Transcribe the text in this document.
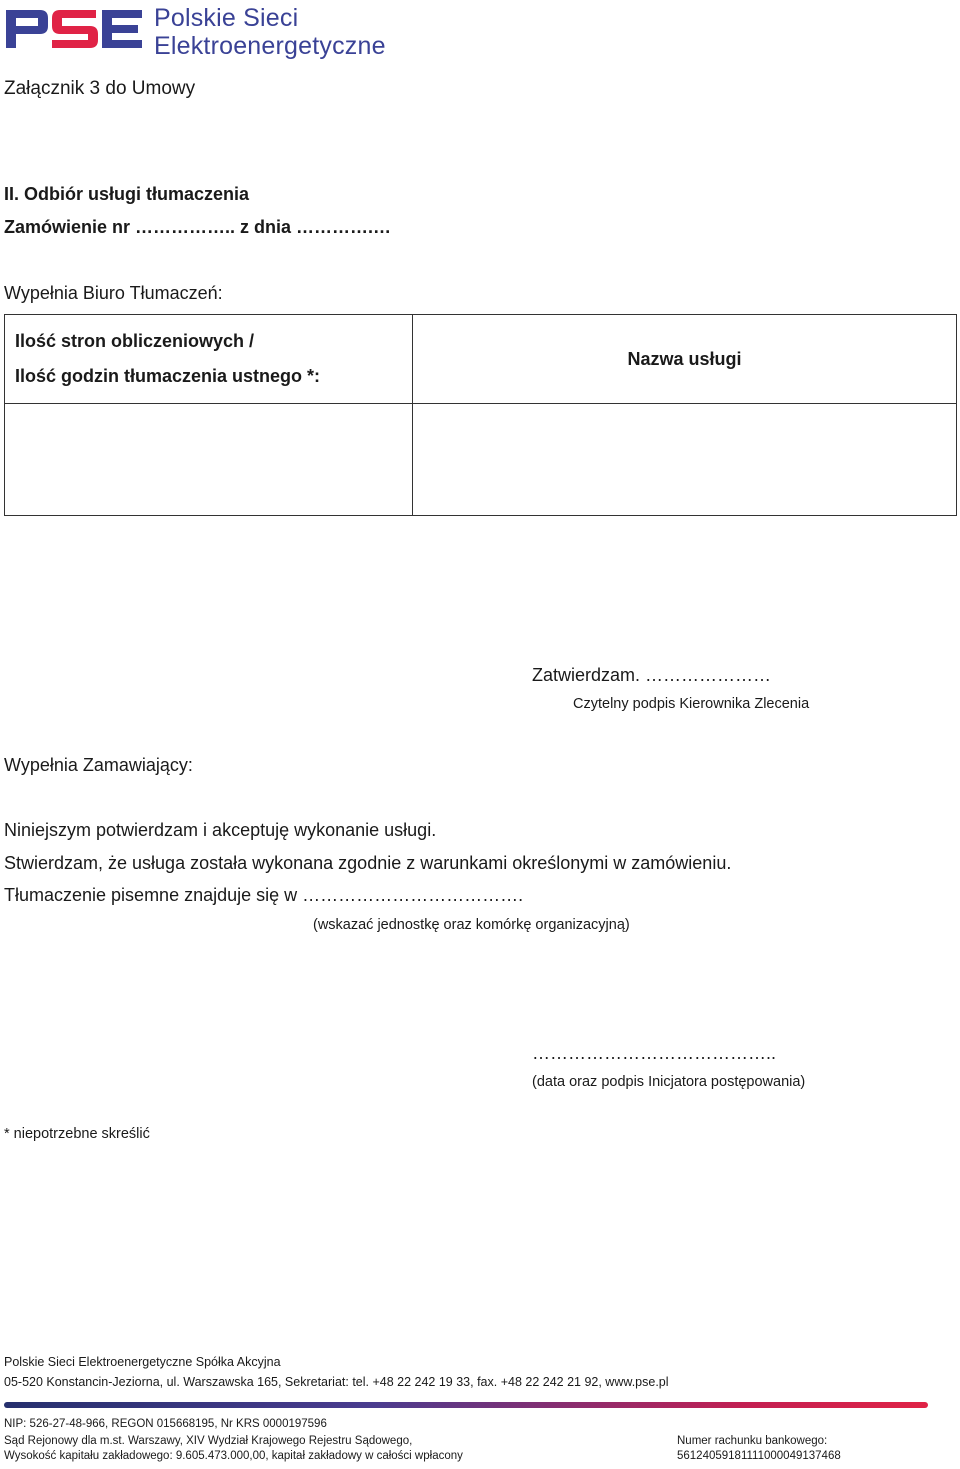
Polskie Sieci
Elektroenergetyczne
Załącznik 3 do Umowy
II. Odbiór usługi tłumaczenia
Zamówienie nr …………….. z dnia ………….…
Wypełnia Biuro Tłumaczeń:
Ilość stron obliczeniowych /
Ilość godzin tłumaczenia ustnego *:	Nazwa usługi

Zatwierdzam. …………………
Czytelny podpis Kierownika Zlecenia
Wypełnia Zamawiający:
Niniejszym potwierdzam i akceptuję wykonanie usługi.
Stwierdzam, że usługa została wykonana zgodnie z warunkami określonymi w zamówieniu.
Tłumaczenie pisemne znajduje się w ……………………………….
(wskazać jednostkę oraz komórkę organizacyjną)
…………………………………..
(data oraz podpis Inicjatora postępowania)
* niepotrzebne skreślić
Polskie Sieci Elektroenergetyczne Spółka Akcyjna
05-520 Konstancin-Jeziorna, ul. Warszawska 165, Sekretariat: tel. +48 22 242 19 33, fax. +48 22 242 21 92, www.pse.pl
NIP: 526-27-48-966, REGON 015668195, Nr KRS 0000197596
Sąd Rejonowy dla m.st. Warszawy, XIV Wydział Krajowego Rejestru Sądowego,
Wysokość kapitału zakładowego: 9.605.473.000,00, kapitał zakładowy w całości wpłacony
Numer rachunku bankowego:
56124059181111000049137468
